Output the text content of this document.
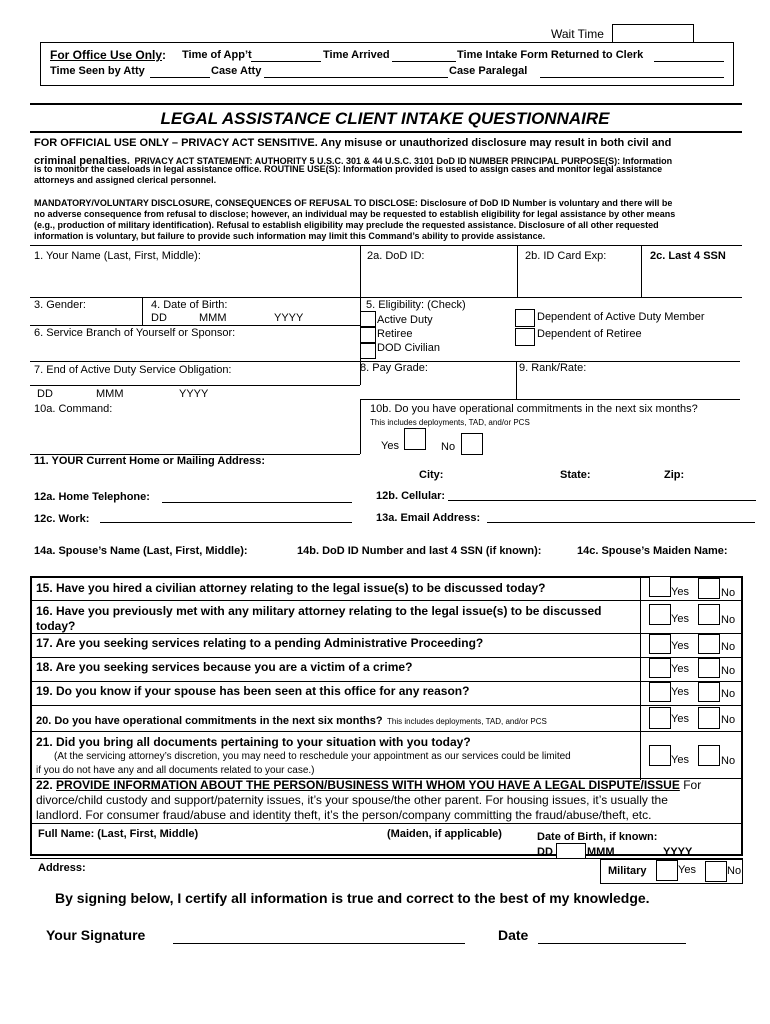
Wait Time
For Office Use Only: Time of App’t	Time Arrived	Time Intake Form Returned to Clerk
Time Seen by Atty	Case Atty	Case Paralegal
LEGAL ASSISTANCE CLIENT INTAKE QUESTIONNAIRE
FOR OFFICIAL USE ONLY – PRIVACY ACT SENSITIVE. Any misuse or unauthorized disclosure may result in both civil and
criminal penalties. PRIVACY ACT STATEMENT: AUTHORITY 5 U.S.C. 301 & 44 U.S.C. 3101 DoD ID NUMBER PRINCIPAL PURPOSE(S): Information
is to monitor the caseloads in legal assistance office. ROUTINE USE(S): Information provided is used to assign cases and monitor legal assistance
attorneys and assigned clerical personnel.
MANDATORY/VOLUNTARY DISCLOSURE, CONSEQUENCES OF REFUSAL TO DISCLOSE: Disclosure of DoD ID Number is voluntary and there will be
no adverse consequence from refusal to disclose; however, an individual may be requested to establish eligibility for legal assistance by other means
(e.g., production of military identification). Refusal to establish eligibility may preclude the requested assistance. Disclosure of all other requested
information is voluntary, but failure to provide such information may limit this Command’s ability to provide assistance.
1. Your Name (Last, First, Middle):	2a. DoD ID:	2b. ID Card Exp:	2c. Last 4 SSN
3. Gender:	4. Date of Birth:
DD	MMM	YYYY
6. Service Branch of Yourself or Sponsor:
5. Eligibility: (Check)
Active Duty
Retiree
DOD Civilian
Dependent of Active Duty Member
Dependent of Retiree
7. End of Active Duty Service Obligation:	8. Pay Grade:	9. Rank/Rate:
DD	MMM	YYYY
10a. Command:	10b. Do you have operational commitments in the next six months?
This includes deployments, TAD, and/or PCS
Yes	No
11. YOUR Current Home or Mailing Address:
City:	State:	Zip:
12a. Home Telephone:	12b. Cellular:
12c. Work:	13a. Email Address:
14a. Spouse’s Name (Last, First, Middle):	14b. DoD ID Number and last 4 SSN (if known):	14c. Spouse’s Maiden Name:
15. Have you hired a civilian attorney relating to the legal issue(s) to be discussed today?	Yes	No
16. Have you previously met with any military attorney relating to the legal issue(s) to be discussed
today?	Yes	No
17. Are you seeking services relating to a pending Administrative Proceeding?	Yes	No
18. Are you seeking services because you are a victim of a crime?	Yes	No
19. Do you know if your spouse has been seen at this office for any reason?	Yes	No
20. Do you have operational commitments in the next six months? This includes deployments, TAD, and/or PCS	Yes	No
21. Did you bring all documents pertaining to your situation with you today?
(At the servicing attorney’s discretion, you may need to reschedule your appointment as our services could be limited
if you do not have any and all documents related to your case.)
Yes	No
22. PROVIDE INFORMATION ABOUT THE PERSON/BUSINESS WITH WHOM YOU HAVE A LEGAL DISPUTE/ISSUE For
divorce/child custody and support/paternity issues, it’s your spouse/the other parent. For housing issues, it’s usually the
landlord. For consumer fraud/abuse and identity theft, it’s the person/company committing the fraud/abuse/theft, etc.
Full Name: (Last, First, Middle)	(Maiden, if applicable)	Date of Birth, if known:
DD	MMM	YYYY
Address:	Military	Yes	No
By signing below, I certify all information is true and correct to the best of my knowledge.
Your Signature	Date
